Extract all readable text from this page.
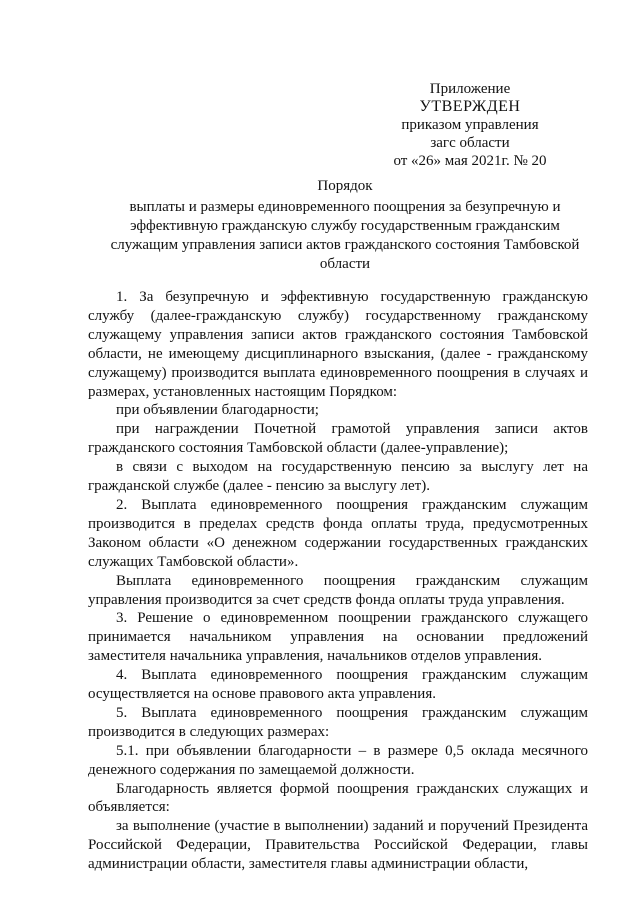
Приложение
УТВЕРЖДЕН
приказом управления
загс области
от «26» мая 2021г. № 20
Порядок
выплаты и размеры единовременного поощрения за безупречную и эффективную гражданскую службу государственным гражданским служащим управления записи актов гражданского состояния Тамбовской области

1. За безупречную и эффективную государственную гражданскую службу (далее-гражданскую службу) государственному гражданскому служащему управления записи актов гражданского состояния Тамбовской области, не имеющему дисциплинарного взыскания, (далее - гражданскому служащему) производится выплата единовременного поощрения в случаях и размерах, установленных настоящим Порядком:

при объявлении благодарности;

при награждении Почетной грамотой управления записи актов гражданского состояния Тамбовской области (далее-управление);

в связи с выходом на государственную пенсию за выслугу лет на гражданской службе (далее - пенсию за выслугу лет).

2. Выплата единовременного поощрения гражданским служащим производится в пределах средств фонда оплаты труда, предусмотренных Законом области «О денежном содержании государственных гражданских служащих Тамбовской области».

Выплата единовременного поощрения гражданским служащим управления производится за счет средств фонда оплаты труда управления.

3. Решение о единовременном поощрении гражданского служащего принимается начальником управления на основании предложений заместителя начальника управления, начальников отделов управления.

4. Выплата единовременного поощрения гражданским служащим осуществляется на основе правового акта управления.

5. Выплата единовременного поощрения гражданским служащим производится в следующих размерах:

5.1. при объявлении благодарности – в размере 0,5 оклада месячного денежного содержания по замещаемой должности.

Благодарность является формой поощрения гражданских служащих и объявляется:

за выполнение (участие в выполнении) заданий и поручений Президента Российской Федерации, Правительства Российской Федерации, главы администрации области, заместителя главы администрации области,
